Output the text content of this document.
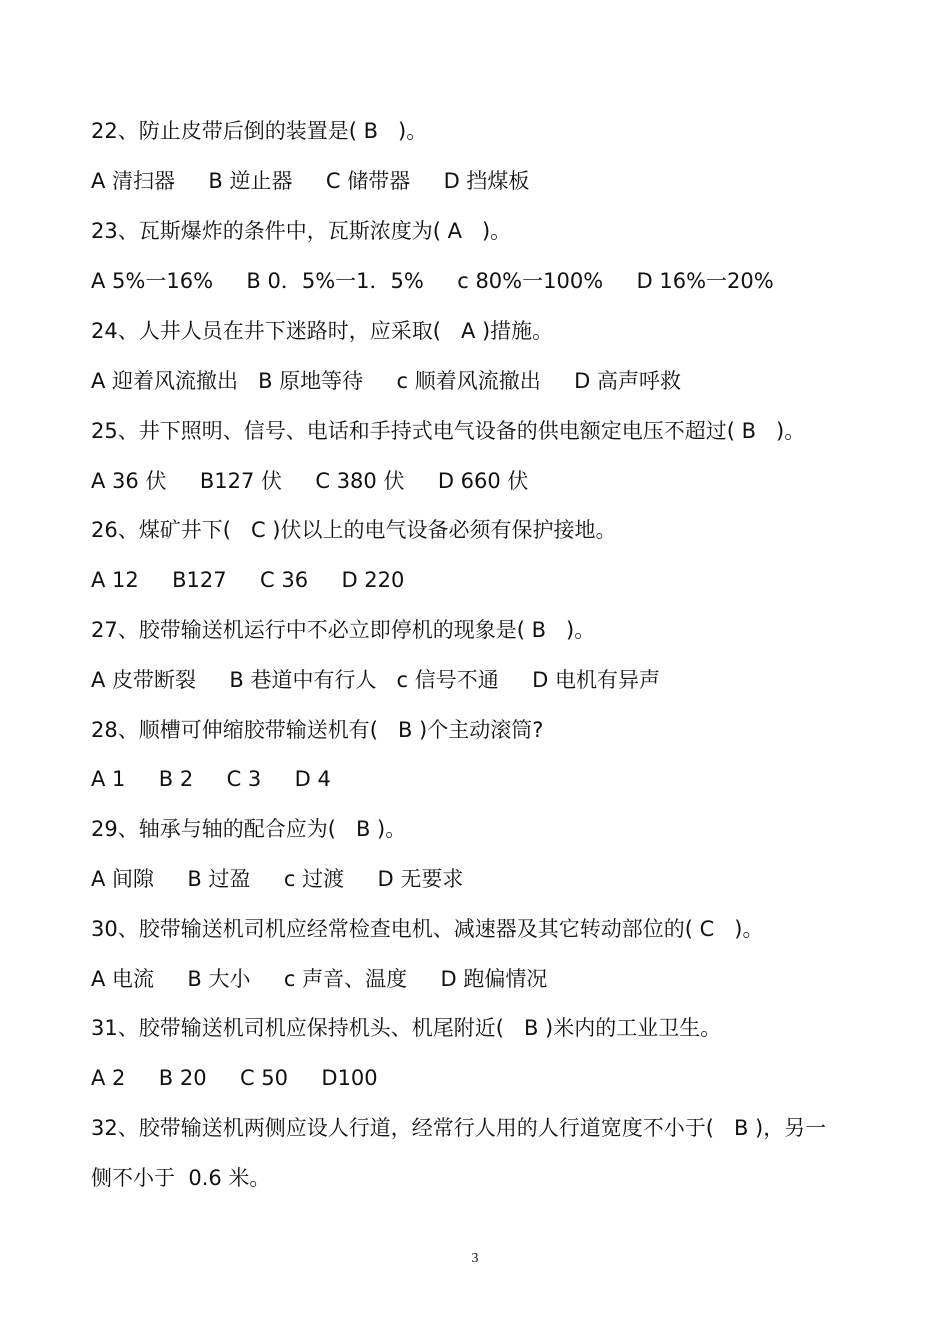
22、防止皮带后倒的装置是( B   )。
A 清扫器     B 逆止器     C 储带器     D 挡煤板
23、瓦斯爆炸的条件中，瓦斯浓度为( A   )。
A 5%一16%     B 0．5%一1．5%     c 80%一100%     D 16%一20%
24、人井人员在井下迷路时，应采取(   A )措施。
A 迎着风流撤出   B 原地等待     c 顺着风流撤出     D 高声呼救
25、井下照明、信号、电话和手持式电气设备的供电额定电压不超过( B   )。
A 36 伏     B127 伏     C 380 伏     D 660 伏
26、煤矿井下(   C )伏以上的电气设备必须有保护接地。
A 12     B127     C 36     D 220
27、胶带输送机运行中不必立即停机的现象是( B   )。
A 皮带断裂     B 巷道中有行人   c 信号不通     D 电机有异声
28、顺槽可伸缩胶带输送机有(   B )个主动滚筒?
A 1     B 2     C 3     D 4
29、轴承与轴的配合应为(   B )。
A 间隙     B 过盈     c 过渡     D 无要求
30、胶带输送机司机应经常检查电机、减速器及其它转动部位的( C   )。
A 电流     B 大小     c 声音、温度     D 跑偏情况
31、胶带输送机司机应保持机头、机尾附近(   B )米内的工业卫生。
A 2     B 20     C 50     D100
32、胶带输送机两侧应设人行道，经常行人用的人行道宽度不小于(   B )，另一
侧不小于  0.6 米。
3
